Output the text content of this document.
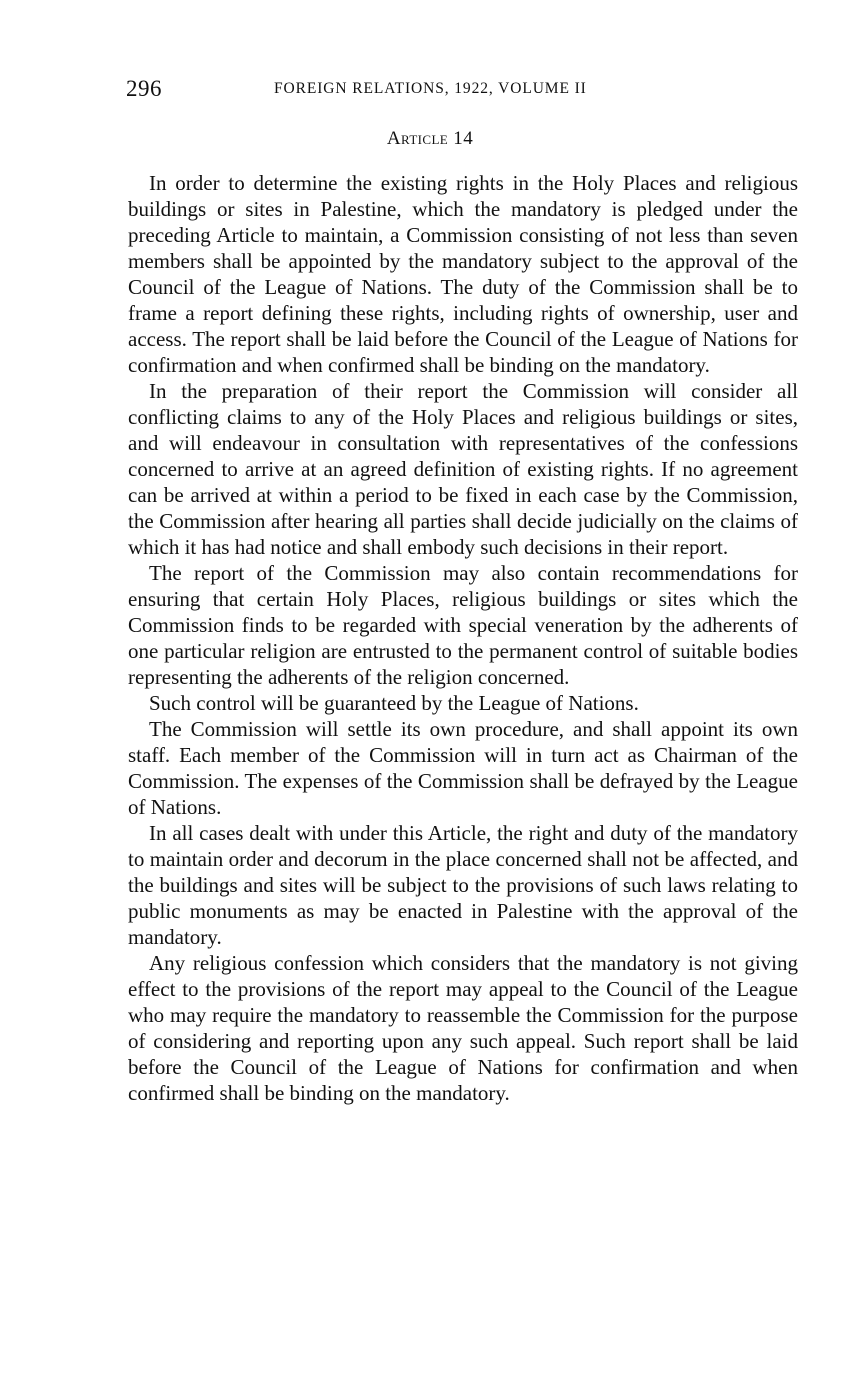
296	FOREIGN RELATIONS, 1922, VOLUME II
Article 14

In order to determine the existing rights in the Holy Places and religious buildings or sites in Palestine, which the mandatory is pledged under the preceding Article to maintain, a Commission consisting of not less than seven members shall be appointed by the mandatory subject to the approval of the Council of the League of Nations. The duty of the Commission shall be to frame a report defining these rights, including rights of ownership, user and access. The report shall be laid before the Council of the League of Nations for confirmation and when confirmed shall be binding on the mandatory.

In the preparation of their report the Commission will consider all conflicting claims to any of the Holy Places and religious buildings or sites, and will endeavour in consultation with representatives of the confessions concerned to arrive at an agreed definition of existing rights. If no agreement can be arrived at within a period to be fixed in each case by the Commission, the Commission after hearing all parties shall decide judicially on the claims of which it has had notice and shall embody such decisions in their report.

The report of the Commission may also contain recommendations for ensuring that certain Holy Places, religious buildings or sites which the Commission finds to be regarded with special veneration by the adherents of one particular religion are entrusted to the permanent control of suitable bodies representing the adherents of the religion concerned.

Such control will be guaranteed by the League of Nations.

The Commission will settle its own procedure, and shall appoint its own staff. Each member of the Commission will in turn act as Chairman of the Commission. The expenses of the Commission shall be defrayed by the League of Nations.

In all cases dealt with under this Article, the right and duty of the mandatory to maintain order and decorum in the place concerned shall not be affected, and the buildings and sites will be subject to the provisions of such laws relating to public monuments as may be enacted in Palestine with the approval of the mandatory.

Any religious confession which considers that the mandatory is not giving effect to the provisions of the report may appeal to the Council of the League who may require the mandatory to reassemble the Commission for the purpose of considering and reporting upon any such appeal. Such report shall be laid before the Council of the League of Nations for confirmation and when confirmed shall be binding on the mandatory.
